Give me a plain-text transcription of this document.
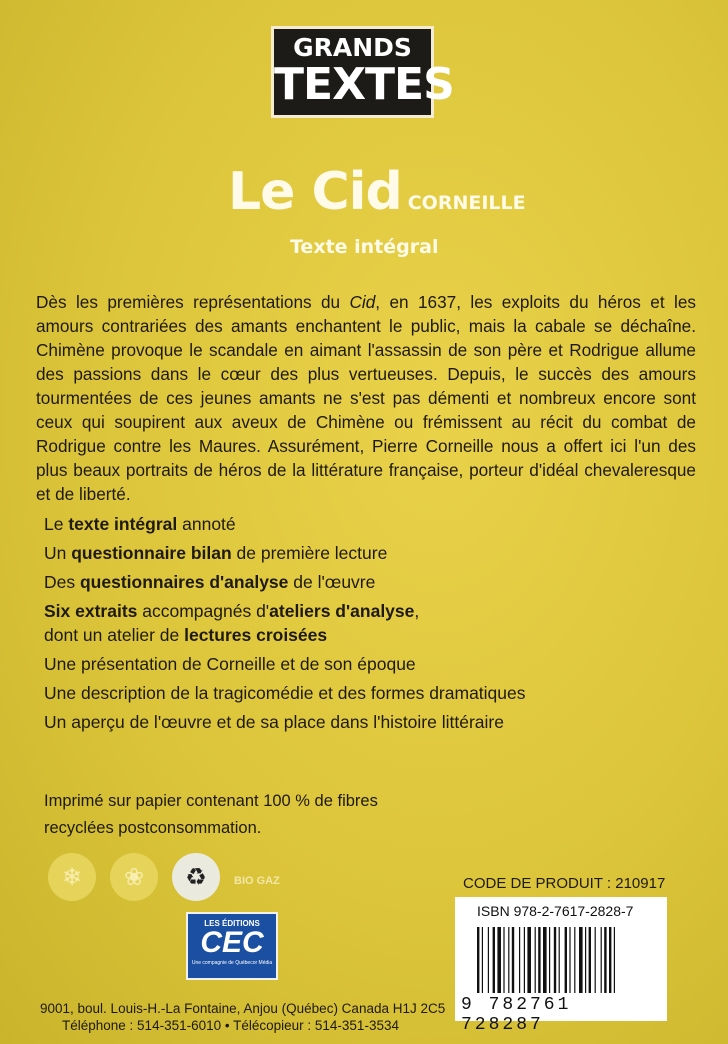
GRANDS
TEXTES
Le Cid CORNEILLE
Texte intégral

Dès les premières représentations du Cid, en 1637, les exploits du héros et les amours contrariées des amants enchantent le public, mais la cabale se déchaîne. Chimène provoque le scandale en aimant l'assassin de son père et Rodrigue allume des passions dans le cœur des plus vertueuses. Depuis, le succès des amours tourmentées de ces jeunes amants ne s'est pas démenti et nombreux encore sont ceux qui soupirent aux aveux de Chimène ou frémissent au récit du combat de Rodrigue contre les Maures. Assurément, Pierre Corneille nous a offert ici l'un des plus beaux portraits de héros de la littérature française, porteur d'idéal chevaleresque et de liberté.

Le texte intégral annoté
Un questionnaire bilan de première lecture
Des questionnaires d'analyse de l'œuvre
Six extraits accompagnés d'ateliers d'analyse,
dont un atelier de lectures croisées
Une présentation de Corneille et de son époque
Une description de la tragicomédie et des formes dramatiques
Un aperçu de l'œuvre et de sa place dans l'histoire littéraire
Imprimé sur papier contenant 100 % de fibres
recyclées postconsommation.
❄	❀	♻	BIO GAZ
LES ÉDITIONS
CEC
Une compagnie de Québecor Média
CODE DE PRODUIT : 210917
ISBN 978-2-7617-2828-7
9 782761 728287
9001, boul. Louis-H.-La Fontaine, Anjou (Québec) Canada H1J 2C5
Téléphone : 514-351-6010 • Télécopieur : 514-351-3534
